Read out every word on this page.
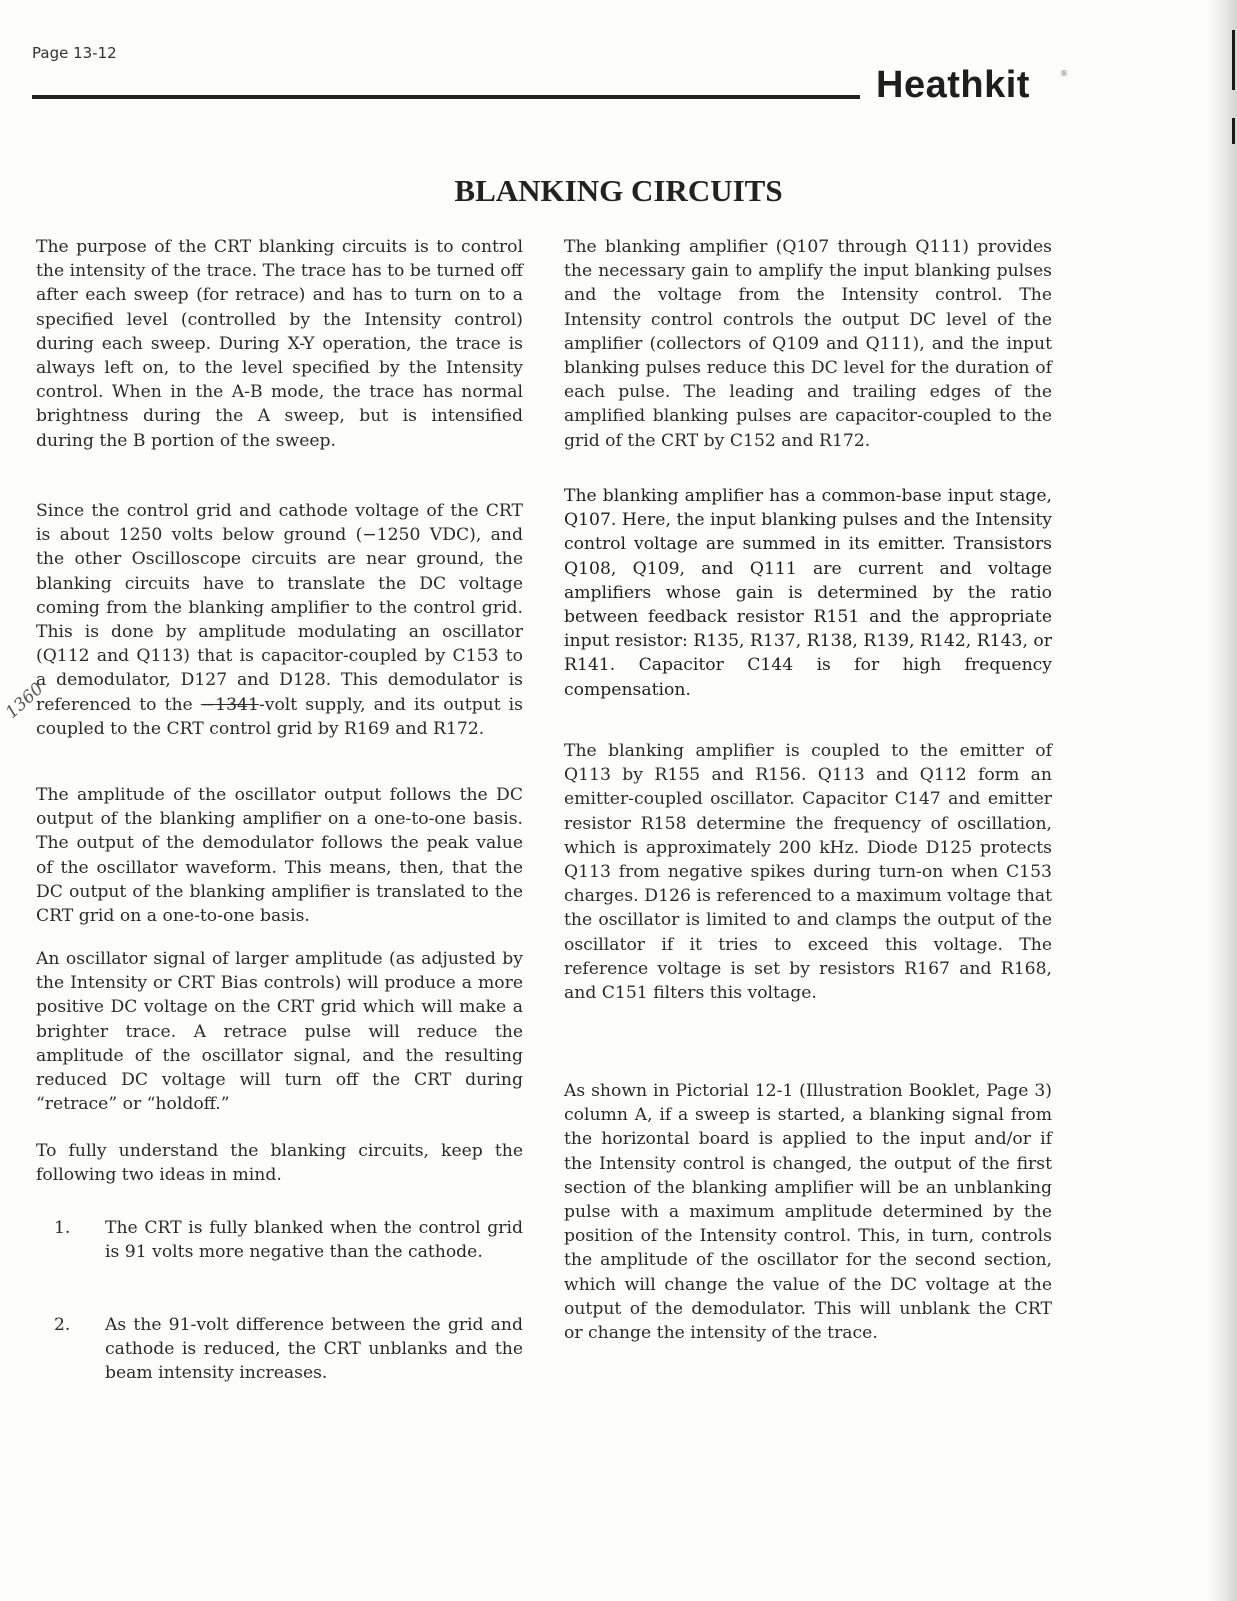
Page 13-12
Heathkit	®
BLANKING CIRCUITS

The purpose of the CRT blanking circuits is to control the intensity of the trace. The trace has to be turned off after each sweep (for retrace) and has to turn on to a specified level (controlled by the Intensity control) during each sweep. During X-Y operation, the trace is always left on, to the level specified by the Intensity control. When in the A-B mode, the trace has normal brightness during the A sweep, but is intensified during the B portion of the sweep.

Since the control grid and cathode voltage of the CRT is about 1250 volts below ground (−1250 VDC), and the other Oscilloscope circuits are near ground, the blanking circuits have to translate the DC voltage coming from the blanking amplifier to the control grid. This is done by amplitude modulating an oscillator (Q112 and Q113) that is capacitor-coupled by C153 to a demodulator, D127 and D128. This demodulator is referenced to the −1341-volt supply, and its output is coupled to the CRT control grid by R169 and R172.

1360

The amplitude of the oscillator output follows the DC output of the blanking amplifier on a one-to-one basis. The output of the demodulator follows the peak value of the oscillator waveform. This means, then, that the DC output of the blanking amplifier is translated to the CRT grid on a one-to-one basis.

An oscillator signal of larger amplitude (as adjusted by the Intensity or CRT Bias controls) will produce a more positive DC voltage on the CRT grid which will make a brighter trace. A retrace pulse will reduce the amplitude of the oscillator signal, and the resulting reduced DC voltage will turn off the CRT during “retrace” or “holdoff.”

To fully understand the blanking circuits, keep the following two ideas in mind.

1. The CRT is fully blanked when the control grid is 91 volts more negative than the cathode.

2. As the 91-volt difference between the grid and cathode is reduced, the CRT unblanks and the beam intensity increases.

The blanking amplifier (Q107 through Q111) provides the necessary gain to amplify the input blanking pulses and the voltage from the Intensity control. The Intensity control controls the output DC level of the amplifier (collectors of Q109 and Q111), and the input blanking pulses reduce this DC level for the duration of each pulse. The leading and trailing edges of the amplified blanking pulses are capacitor-coupled to the grid of the CRT by C152 and R172.

The blanking amplifier has a common-base input stage, Q107. Here, the input blanking pulses and the Intensity control voltage are summed in its emitter. Transistors Q108, Q109, and Q111 are current and voltage amplifiers whose gain is determined by the ratio between feedback resistor R151 and the appropriate input resistor: R135, R137, R138, R139, R142, R143, or R141. Capacitor C144 is for high frequency compensation.

The blanking amplifier is coupled to the emitter of Q113 by R155 and R156. Q113 and Q112 form an emitter-coupled oscillator. Capacitor C147 and emitter resistor R158 determine the frequency of oscillation, which is approximately 200 kHz. Diode D125 protects Q113 from negative spikes during turn-on when C153 charges. D126 is referenced to a maximum voltage that the oscillator is limited to and clamps the output of the oscillator if it tries to exceed this voltage. The reference voltage is set by resistors R167 and R168, and C151 filters this voltage.

As shown in Pictorial 12-1 (Illustration Booklet, Page 3) column A, if a sweep is started, a blanking signal from the horizontal board is applied to the input and/or if the Intensity control is changed, the output of the first section of the blanking amplifier will be an unblanking pulse with a maximum amplitude determined by the position of the Intensity control. This, in turn, controls the amplitude of the oscillator for the second section, which will change the value of the DC voltage at the output of the demodulator. This will unblank the CRT or change the intensity of the trace.
